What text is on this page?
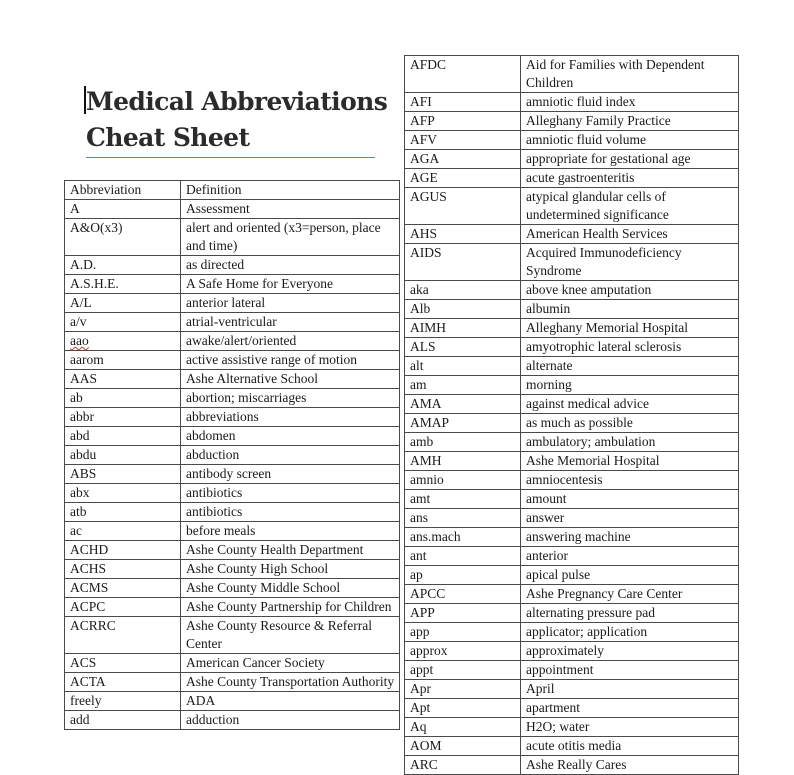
Medical Abbreviations
Cheat Sheet
Abbreviation	Definition
A	Assessment
A&O(x3)	alert and oriented (x3=person, place and time)
A.D.	as directed
A.S.H.E.	A Safe Home for Everyone
A/L	anterior lateral
a/v	atrial-ventricular
aao	awake/alert/oriented
aarom	active assistive range of motion
AAS	Ashe Alternative School
ab	abortion; miscarriages
abbr	abbreviations
abd	abdomen
abdu	abduction
ABS	antibody screen
abx	antibiotics
atb	antibiotics
ac	before meals
ACHD	Ashe County Health Department
ACHS	Ashe County High School
ACMS	Ashe County Middle School
ACPC	Ashe County Partnership for Children
ACRRC	Ashe County Resource & Referral Center
ACS	American Cancer Society
ACTA	Ashe County Transportation Authority
freely	ADA
add	adduction
AFDC	Aid for Families with Dependent Children
AFI	amniotic fluid index
AFP	Alleghany Family Practice
AFV	amniotic fluid volume
AGA	appropriate for gestational age
AGE	acute gastroenteritis
AGUS	atypical glandular cells of undetermined significance
AHS	American Health Services
AIDS	Acquired Immunodeficiency Syndrome
aka	above knee amputation
Alb	albumin
AIMH	Alleghany Memorial Hospital
ALS	amyotrophic lateral sclerosis
alt	alternate
am	morning
AMA	against medical advice
AMAP	as much as possible
amb	ambulatory; ambulation
AMH	Ashe Memorial Hospital
amnio	amniocentesis
amt	amount
ans	answer
ans.mach	answering machine
ant	anterior
ap	apical pulse
APCC	Ashe Pregnancy Care Center
APP	alternating pressure pad
app	applicator; application
approx	approximately
appt	appointment
Apr	April
Apt	apartment
Aq	H2O; water
AOM	acute otitis media
ARC	Ashe Really Cares
